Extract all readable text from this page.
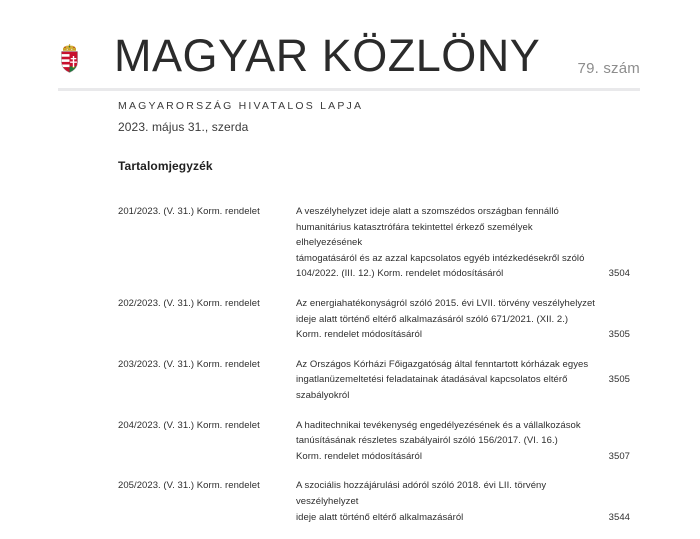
MAGYAR KÖZLÖNY 79. szám
MAGYARORSZÁG HIVATALOS LAPJA
2023. május 31., szerda
Tartalomjegyzék
201/2023. (V. 31.) Korm. rendelet	A veszélyhelyzet ideje alatt a szomszédos országban fennálló
humanitárius katasztrófára tekintettel érkező személyek elhelyezésének
támogatásáról és az azzal kapcsolatos egyéb intézkedésekről szóló
104/2022. (III. 12.) Korm. rendelet módosításáról	3504
202/2023. (V. 31.) Korm. rendelet	Az energiahatékonyságról szóló 2015. évi LVII. törvény veszélyhelyzet
ideje alatt történő eltérő alkalmazásáról szóló 671/2021. (XII. 2.)
Korm. rendelet módosításáról	3505
203/2023. (V. 31.) Korm. rendelet	Az Országos Kórházi Főigazgatóság által fenntartott kórházak egyes
ingatlanüzemeltetési feladatainak átadásával kapcsolatos eltérő szabályokról
3505
204/2023. (V. 31.) Korm. rendelet	A haditechnikai tevékenység engedélyezésének és a vállalkozások
tanúsításának részletes szabályairól szóló 156/2017. (VI. 16.)
Korm. rendelet módosításáról	3507
205/2023. (V. 31.) Korm. rendelet	A szociális hozzájárulási adóról szóló 2018. évi LII. törvény veszélyhelyzet
ideje alatt történő eltérő alkalmazásáról	3544
